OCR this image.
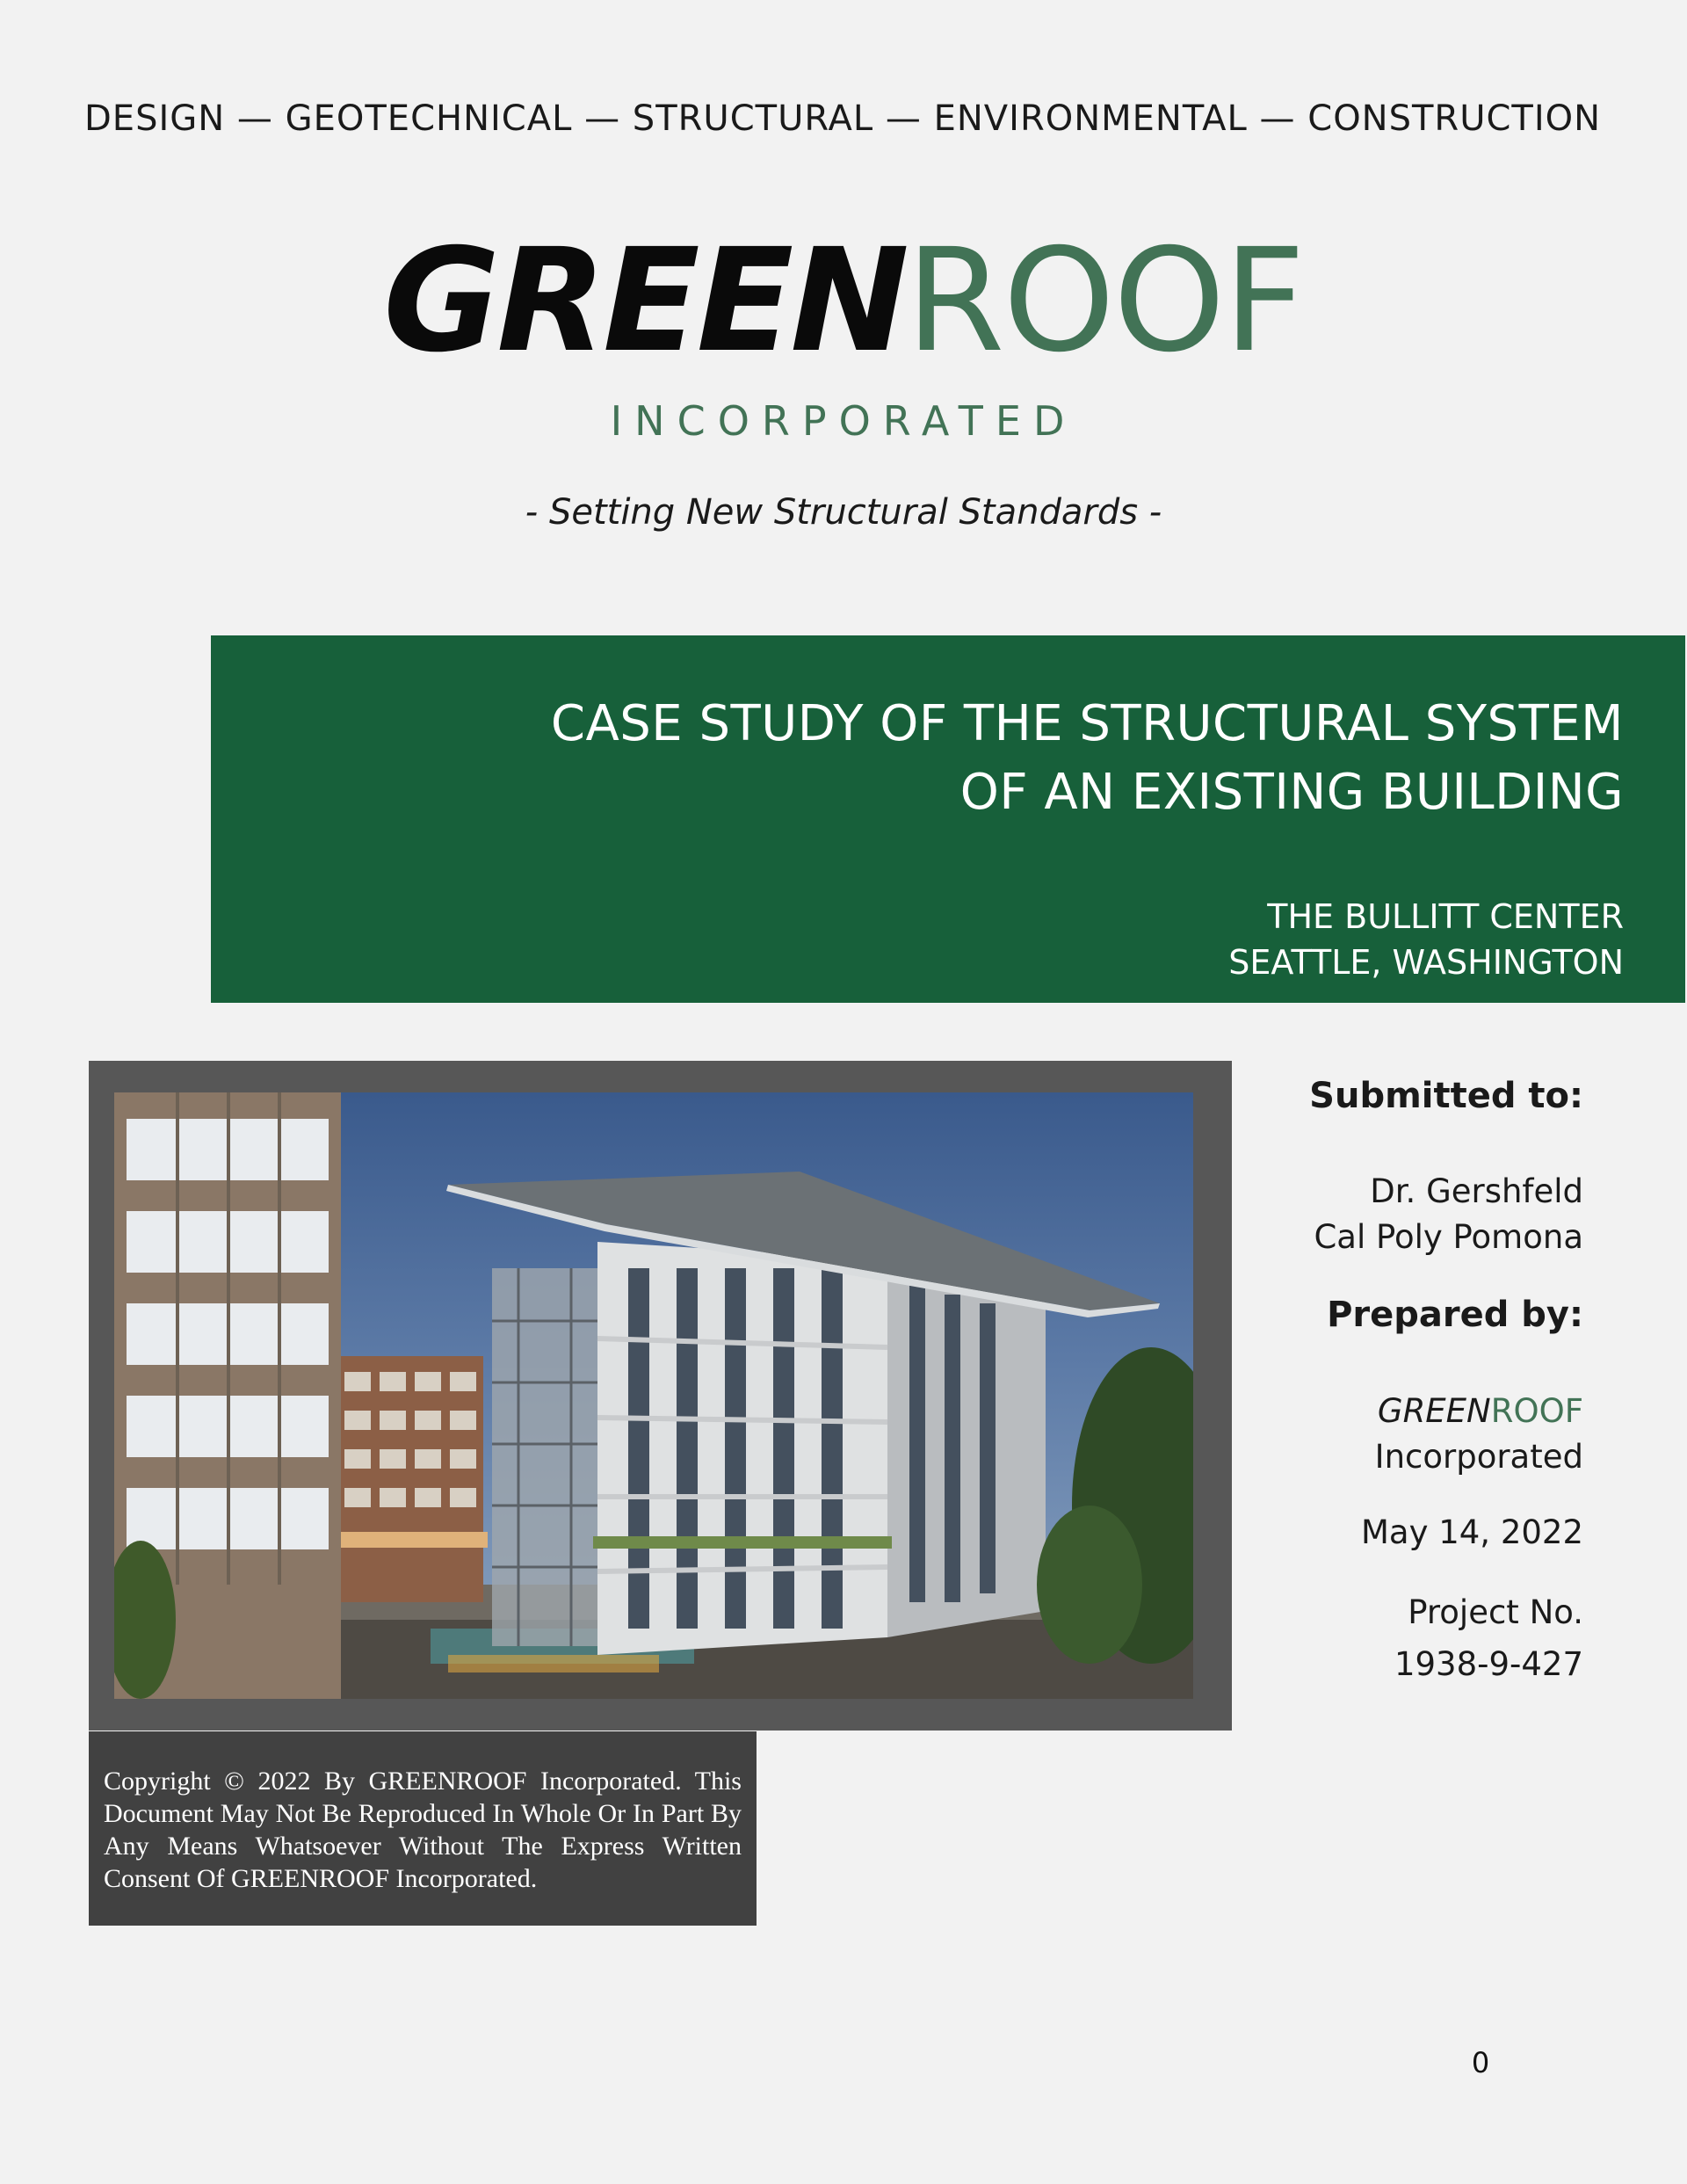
DESIGN — GEOTECHNICAL — STRUCTURAL — ENVIRONMENTAL — CONSTRUCTION
GREENROOF
INCORPORATED
- Setting New Structural Standards -
CASE STUDY OF THE STRUCTURAL SYSTEM
OF AN EXISTING BUILDING
THE BULLITT CENTER
SEATTLE, WASHINGTON
Copyright © 2022 By GREENROOF Incorporated. This Document May Not Be Reproduced In Whole Or In Part By Any Means Whatsoever Without The Express Written Consent Of GREENROOF Incorporated.
Submitted to:
Dr. Gershfeld
Cal Poly Pomona
Prepared by:
GREENROOF
Incorporated
May 14, 2022
Project No.
1938-9-427
0
